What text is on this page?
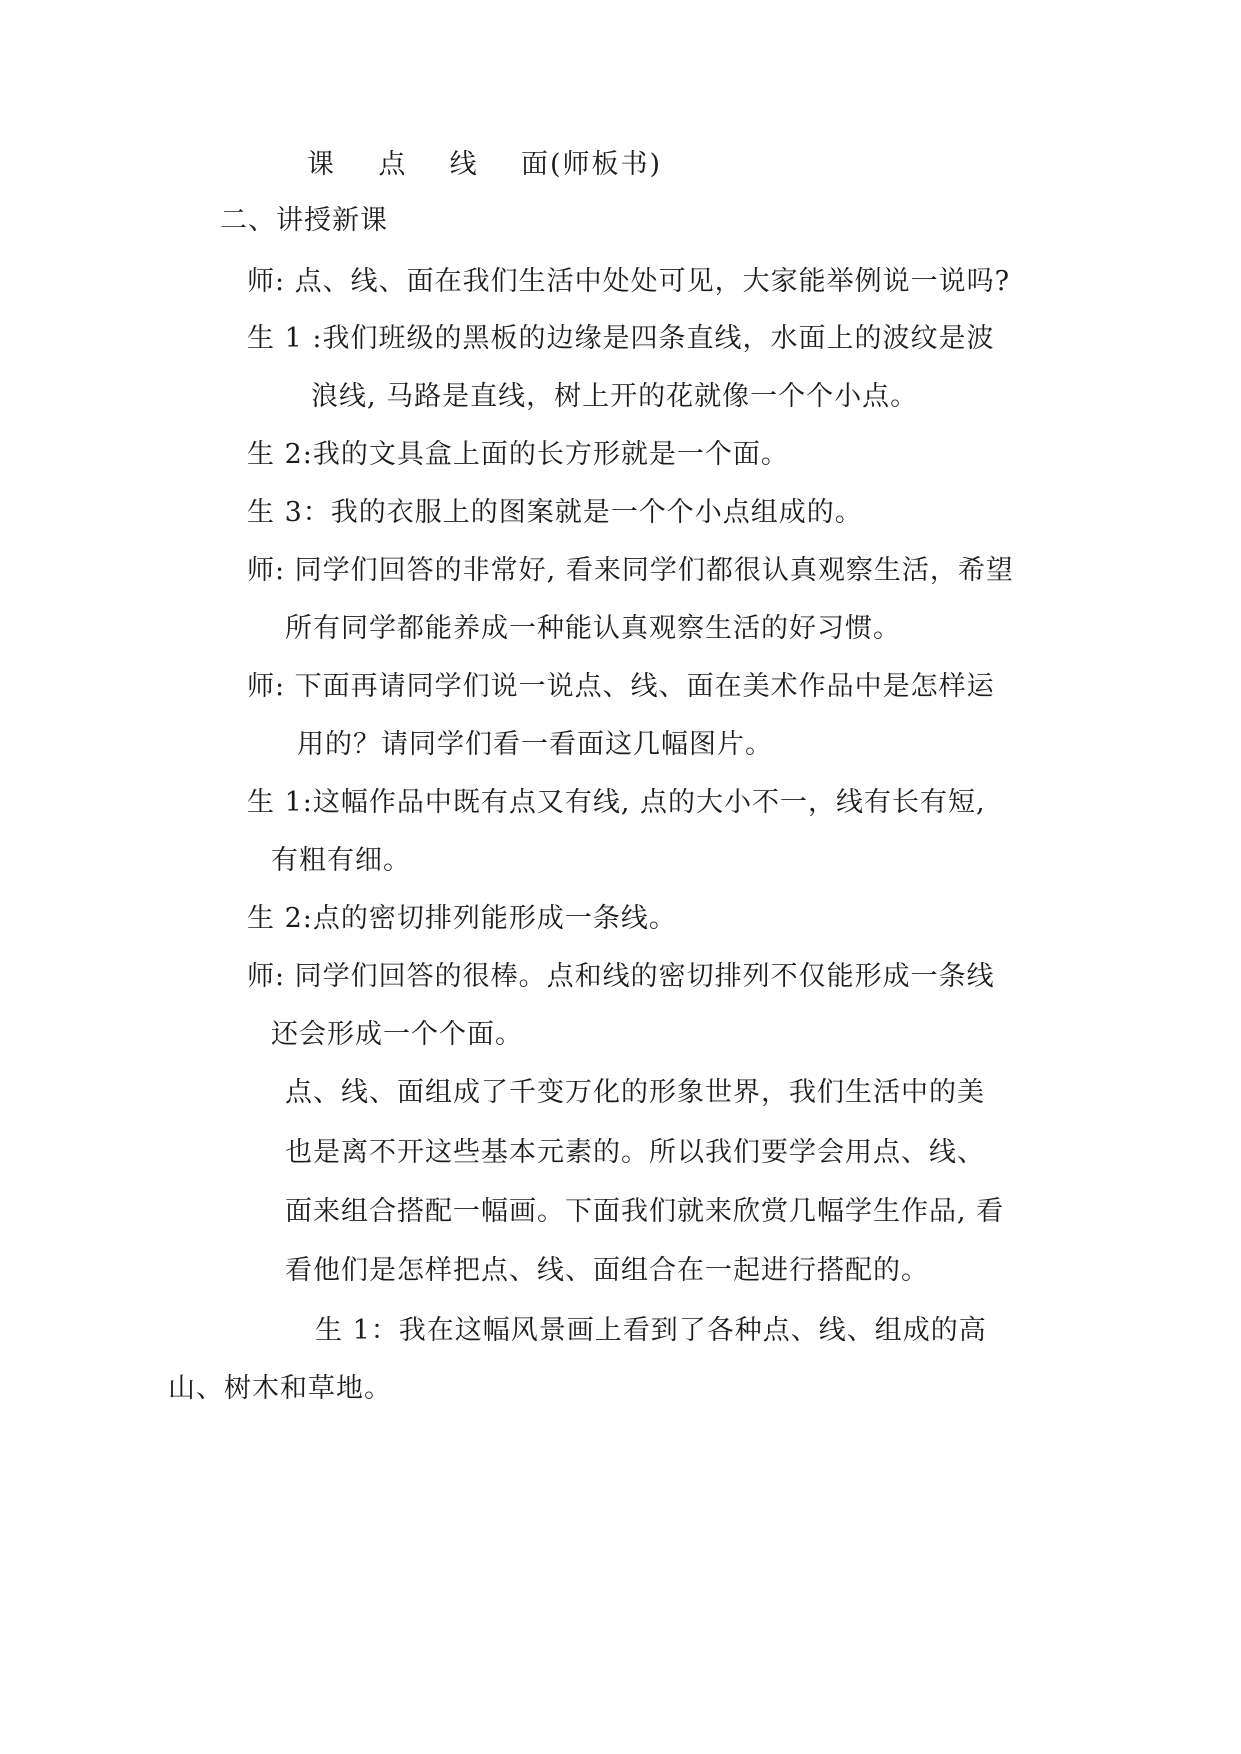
课    点    线    面(师板书)
二、讲授新课
师: 点、线、面在我们生活中处处可见，大家能举例说一说吗?
生 1 :我们班级的黑板的边缘是四条直线，水面上的波纹是波
浪线, 马路是直线，树上开的花就像一个个小点。
生 2:我的文具盒上面的长方形就是一个面。
生 3：我的衣服上的图案就是一个个小点组成的。
师: 同学们回答的非常好, 看来同学们都很认真观察生活，希望
所有同学都能养成一种能认真观察生活的好习惯。
师: 下面再请同学们说一说点、线、面在美术作品中是怎样运
用的？请同学们看一看面这几幅图片。
生 1:这幅作品中既有点又有线, 点的大小不一，线有长有短,
有粗有细。
生 2:点的密切排列能形成一条线。
师: 同学们回答的很棒。点和线的密切排列不仅能形成一条线
还会形成一个个面。
点、线、面组成了千变万化的形象世界，我们生活中的美
也是离不开这些基本元素的。所以我们要学会用点、线、
面来组合搭配一幅画。下面我们就来欣赏几幅学生作品, 看
看他们是怎样把点、线、面组合在一起进行搭配的。
生 1：我在这幅风景画上看到了各种点、线、组成的高
山、树木和草地。
